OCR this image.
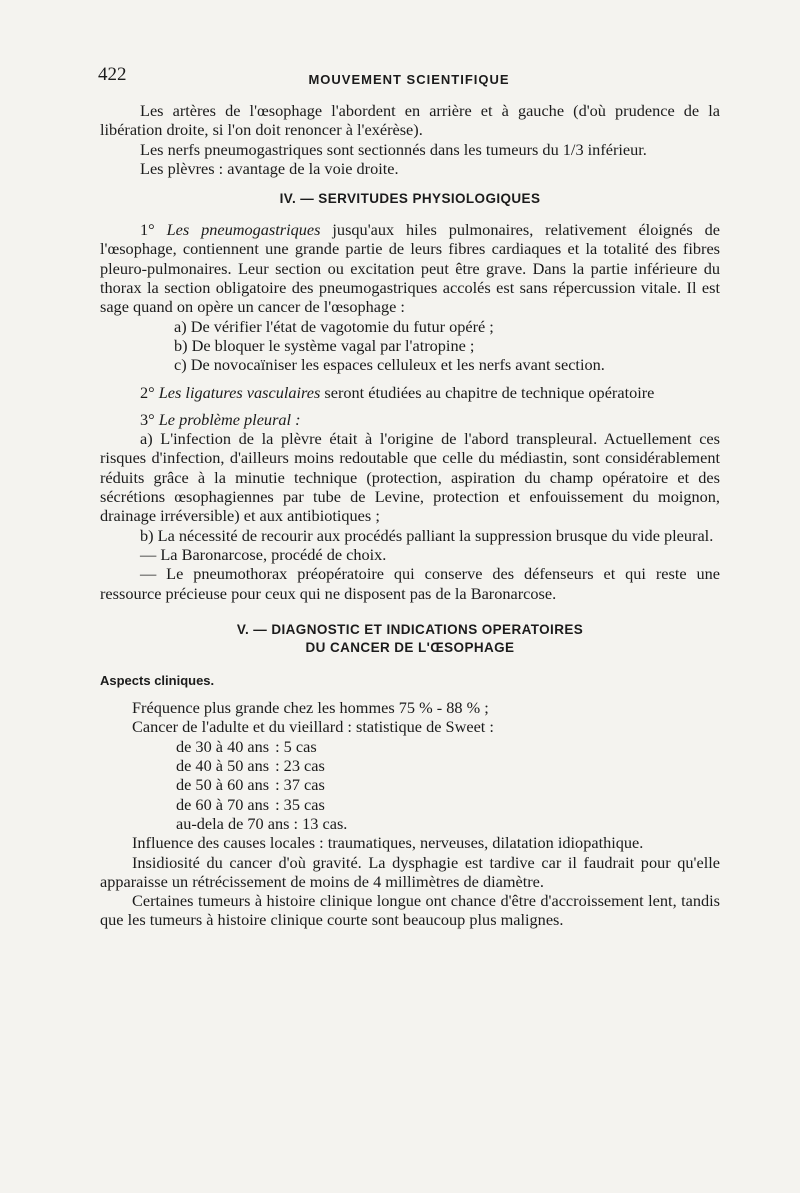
422	MOUVEMENT SCIENTIFIQUE

Les artères de l'œsophage l'abordent en arrière et à gauche (d'où prudence de la libération droite, si l'on doit renoncer à l'exérèse).

Les nerfs pneumogastriques sont sectionnés dans les tumeurs du 1/3 inférieur.

Les plèvres : avantage de la voie droite.

IV. — SERVITUDES PHYSIOLOGIQUES

1° Les pneumogastriques jusqu'aux hiles pulmonaires, relativement éloignés de l'œsophage, contiennent une grande partie de leurs fibres cardiaques et la totalité des fibres pleuro-pulmonaires. Leur section ou excitation peut être grave. Dans la partie inférieure du thorax la section obligatoire des pneumogastriques accolés est sans répercussion vitale. Il est sage quand on opère un cancer de l'œsophage :

a) De vérifier l'état de vagotomie du futur opéré ;

b) De bloquer le système vagal par l'atropine ;

c) De novocaïniser les espaces celluleux et les nerfs avant section.

2° Les ligatures vasculaires seront étudiées au chapitre de technique opératoire

3° Le problème pleural :

a) L'infection de la plèvre était à l'origine de l'abord transpleural. Actuellement ces risques d'infection, d'ailleurs moins redoutable que celle du médiastin, sont considérablement réduits grâce à la minutie technique (protection, aspiration du champ opératoire et des sécrétions œsophagiennes par tube de Levine, protection et enfouissement du moignon, drainage irréversible) et aux antibiotiques ;

b) La nécessité de recourir aux procédés palliant la suppression brusque du vide pleural.

— La Baronarcose, procédé de choix.

— Le pneumothorax préopératoire qui conserve des défenseurs et qui reste une ressource précieuse pour ceux qui ne disposent pas de la Baronarcose.

V. — DIAGNOSTIC ET INDICATIONS OPERATOIRES
DU CANCER DE L'ŒSOPHAGE
Aspects cliniques.

Fréquence plus grande chez les hommes 75 % - 88 % ;

Cancer de l'adulte et du vieillard : statistique de Sweet :

de 30 à 40 ans : 5 cas

de 40 à 50 ans : 23 cas

de 50 à 60 ans : 37 cas

de 60 à 70 ans : 35 cas

au-dela de 70 ans : 13 cas.

Influence des causes locales : traumatiques, nerveuses, dilatation idiopathique.

Insidiosité du cancer d'où gravité. La dysphagie est tardive car il faudrait pour qu'elle apparaisse un rétrécissement de moins de 4 millimètres de diamètre.

Certaines tumeurs à histoire clinique longue ont chance d'être d'accroissement lent, tandis que les tumeurs à histoire clinique courte sont beaucoup plus malignes.
